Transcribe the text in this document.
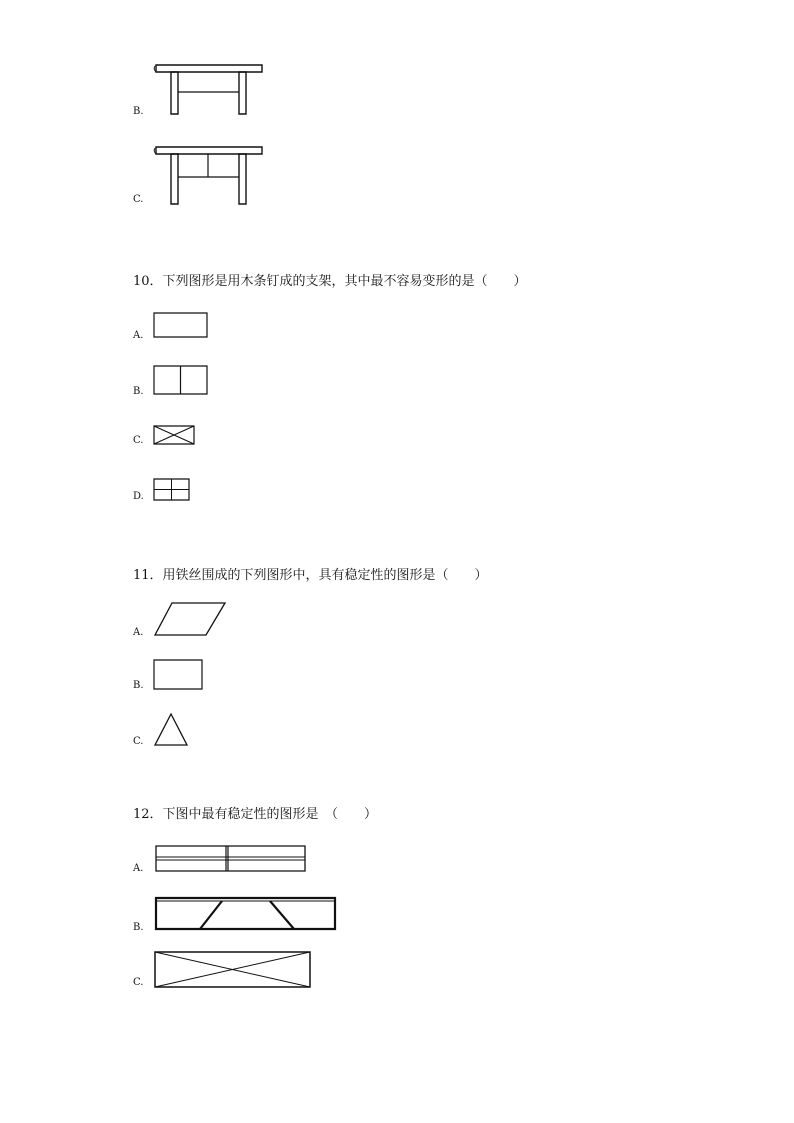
B.
C.
10．下列图形是用木条钉成的支架，其中最不容易变形的是（　　）
A.
B.
C.
D.
11．用铁丝围成的下列图形中，具有稳定性的图形是（　　）
A.
B.
C.
12．下图中最有稳定性的图形是　（　　）
A.
B.
C.
